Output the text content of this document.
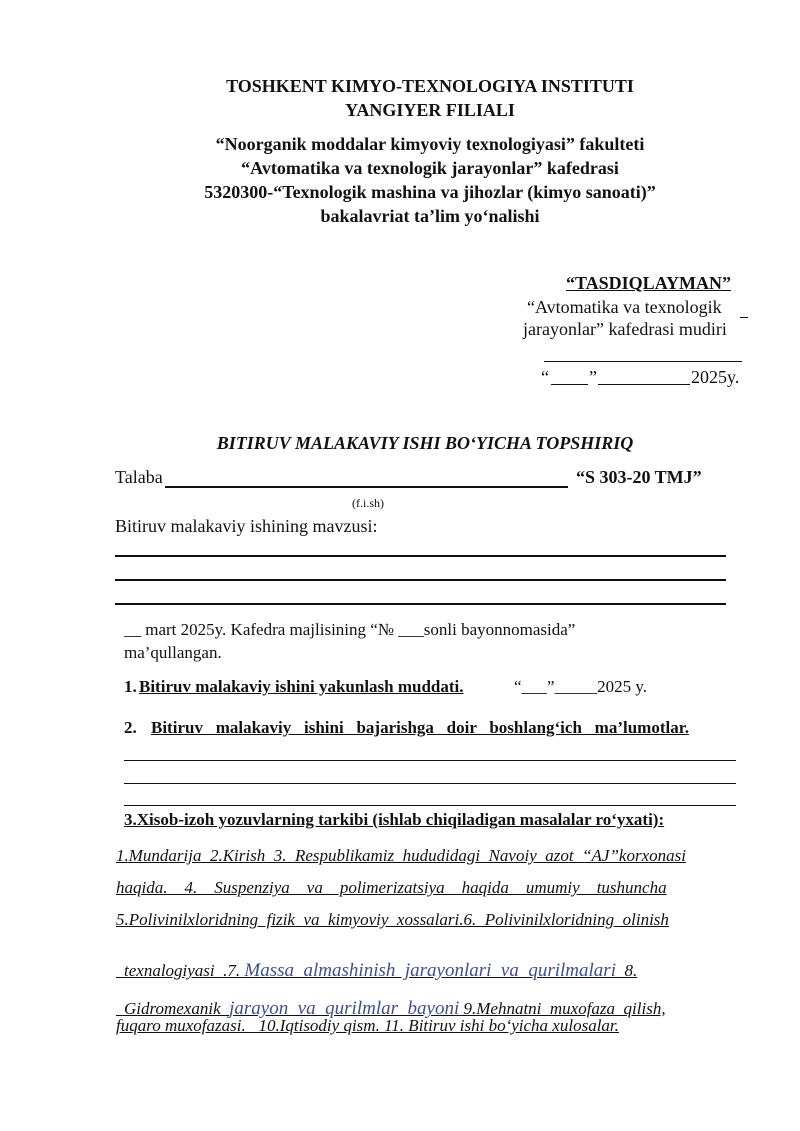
TOSHKENT KIMYO-TEXNOLOGIYA INSTITUTI
YANGIYER FILIALI
“Noorganik moddalar kimyoviy texnologiyasi” fakulteti
“Avtomatika va texnologik jarayonlar” kafedrasi
5320300-“Texnologik mashina va jihozlar (kimyo sanoati)”
bakalavriat ta’lim yo‘nalishi
“TASDIQLAYMAN”
“Avtomatika va texnologik
jarayonlar” kafedrasi mudiri
“ ”	2025y.
BITIRUV MALAKAVIY ISHI BO‘YICHA TOPSHIRIQ
Talaba	“S 303-20 TMJ”
(f.i.sh)
Bitiruv malakaviy ishining mavzusi:
__ mart 2025y. Kafedra majlisining “№ ___sonli bayonnomasida”
ma’qullangan.
1. Bitiruv malakaviy ishini yakunlash muddati.	“___”_____2025 y.
2. Bitiruv   malakaviy   ishini   bajarishga   doir   boshlang‘ich   ma’lumotlar.
3.Xisob-izoh yozuvlarning tarkibi (ishlab chiqiladigan masalalar ro‘yxati):
1.Mundarija  2.Kirish  3.  Respublikamiz  hududidagi  Navoiy  azot  “AJ”korxonasi
haqida.    4.    Suspenziya    va    polimerizatsiya    haqida    umumiy    tushuncha
5.Polivinilxloridning  fizik  va  kimyoviy  xossalari.6.  Polivinilxloridning  olinish

texnalogiyasi  .7. Massa  almashinish  jarayonlari  va  qurilmalari  8.

Gidromexanik  jarayon  va  qurilmlar  bayoni 9.Mehnatni  muxofaza  qilish,

fuqaro muxofazasi.   10.Iqtisodiy qism. 11. Bitiruv ishi bo‘yicha xulosalar.
